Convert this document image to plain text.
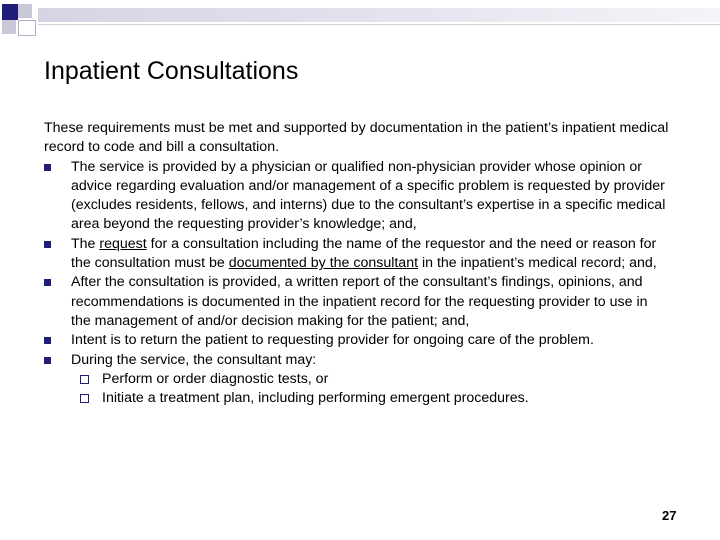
Inpatient Consultations

These requirements must be met and supported by documentation in the patient’s inpatient medical record to code and bill a consultation.

The service is provided by a physician or qualified non-physician provider whose opinion or advice regarding evaluation and/or management of a specific problem is requested by provider (excludes residents, fellows, and interns) due to the consultant’s expertise in a specific medical area beyond the requesting provider’s knowledge; and,
The request for a consultation including the name of the requestor and the need or reason for the consultation must be documented by the consultant in the inpatient’s medical record; and,
After the consultation is provided, a written report of the consultant’s findings, opinions, and recommendations is documented in the inpatient record for the requesting provider to use in the management of and/or decision making for the patient; and,
Intent is to return the patient to requesting provider for ongoing care of the problem.
During the service, the consultant may:
Perform or order diagnostic tests, or
Initiate a treatment plan, including performing emergent procedures.
27
